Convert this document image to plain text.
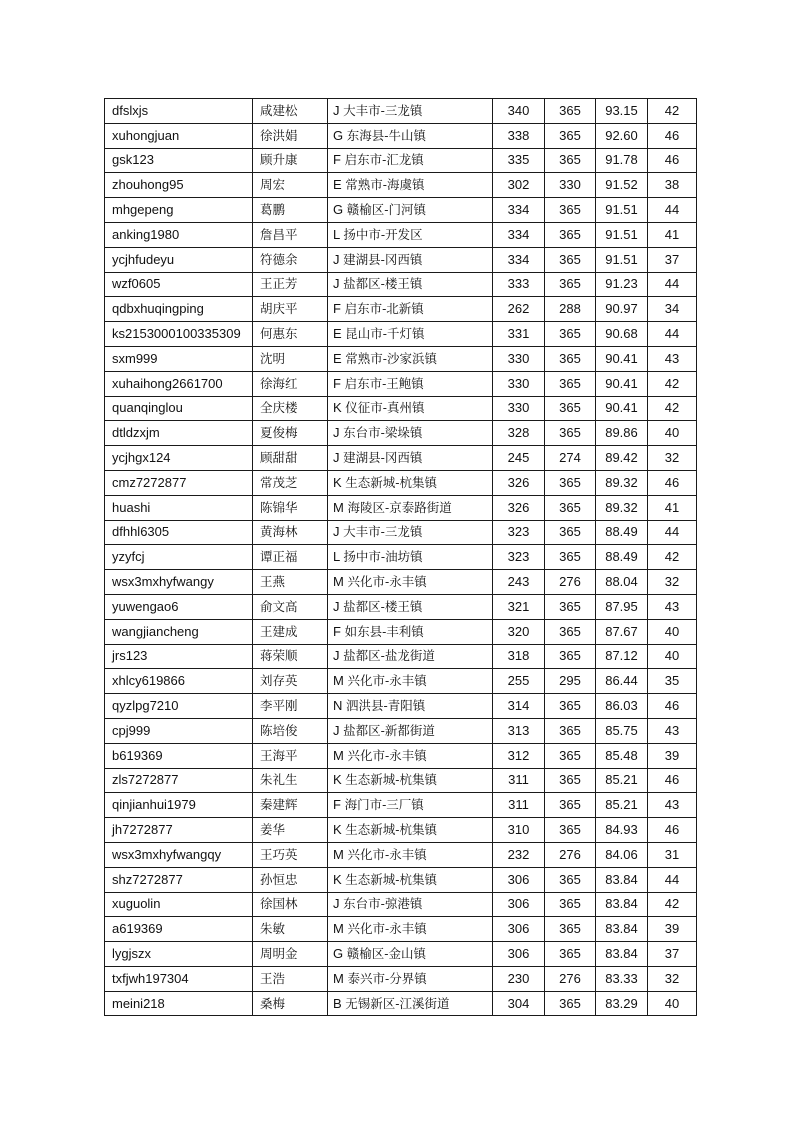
dfslxjs	咸建松	J 大丰市-三龙镇	340	365	93.15	42
xuhongjuan	徐洪娟	G 东海县-牛山镇	338	365	92.60	46
gsk123	顾升康	F 启东市-汇龙镇	335	365	91.78	46
zhouhong95	周宏	E 常熟市-海虞镇	302	330	91.52	38
mhgepeng	葛鹏	G 赣榆区-门河镇	334	365	91.51	44
anking1980	詹昌平	L 扬中市-开发区	334	365	91.51	41
ycjhfudeyu	符德余	J 建湖县-冈西镇	334	365	91.51	37
wzf0605	王正芳	J 盐都区-楼王镇	333	365	91.23	44
qdbxhuqingping	胡庆平	F 启东市-北新镇	262	288	90.97	34
ks2153000100335309	何惠东	E 昆山市-千灯镇	331	365	90.68	44
sxm999	沈明	E 常熟市-沙家浜镇	330	365	90.41	43
xuhaihong2661700	徐海红	F 启东市-王鲍镇	330	365	90.41	42
quanqinglou	全庆楼	K 仪征市-真州镇	330	365	90.41	42
dtldzxjm	夏俊梅	J 东台市-梁垛镇	328	365	89.86	40
ycjhgx124	顾甜甜	J 建湖县-冈西镇	245	274	89.42	32
cmz7272877	常茂芝	K 生态新城-杭集镇	326	365	89.32	46
huashi	陈锦华	M 海陵区-京泰路街道	326	365	89.32	41
dfhhl6305	黄海林	J 大丰市-三龙镇	323	365	88.49	44
yzyfcj	谭正福	L 扬中市-油坊镇	323	365	88.49	42
wsx3mxhyfwangy	王燕	M 兴化市-永丰镇	243	276	88.04	32
yuwengao6	俞文高	J 盐都区-楼王镇	321	365	87.95	43
wangjiancheng	王建成	F 如东县-丰利镇	320	365	87.67	40
jrs123	蒋荣顺	J 盐都区-盐龙街道	318	365	87.12	40
xhlcy619866	刘存英	M 兴化市-永丰镇	255	295	86.44	35
qyzlpg7210	李平刚	N 泗洪县-青阳镇	314	365	86.03	46
cpj999	陈培俊	J 盐都区-新都街道	313	365	85.75	43
b619369	王海平	M 兴化市-永丰镇	312	365	85.48	39
zls7272877	朱礼生	K 生态新城-杭集镇	311	365	85.21	46
qinjianhui1979	秦建辉	F 海门市-三厂镇	311	365	85.21	43
jh7272877	姜华	K 生态新城-杭集镇	310	365	84.93	46
wsx3mxhyfwangqy	王巧英	M 兴化市-永丰镇	232	276	84.06	31
shz7272877	孙恒忠	K 生态新城-杭集镇	306	365	83.84	44
xuguolin	徐国林	J 东台市-弶港镇	306	365	83.84	42
a619369	朱敏	M 兴化市-永丰镇	306	365	83.84	39
lygjszx	周明金	G 赣榆区-金山镇	306	365	83.84	37
txfjwh197304	王浩	M 泰兴市-分界镇	230	276	83.33	32
meini218	桑梅	B 无锡新区-江溪街道	304	365	83.29	40
